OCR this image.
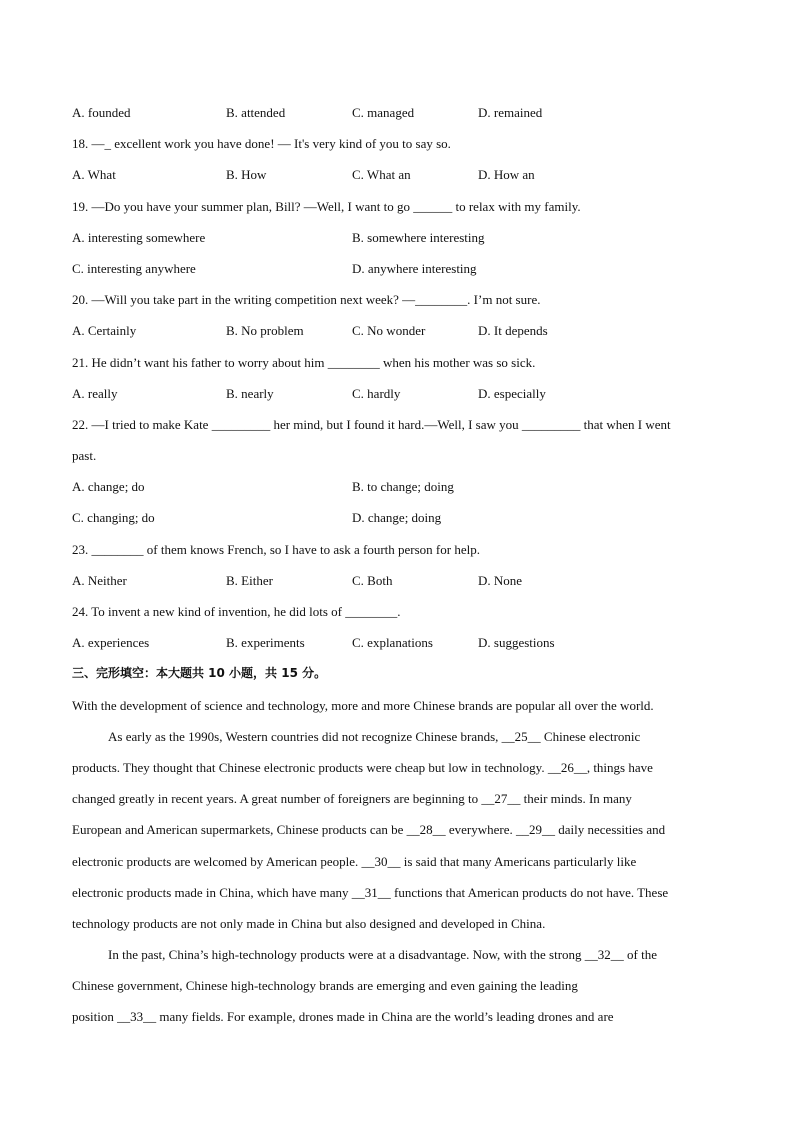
A. founded	B. attended	C. managed	D. remained
18. —_ excellent work you have done! — It's very kind of you to say so.
A. What	B. How	C. What an	D. How an
19. —Do you have your summer plan, Bill? —Well, I want to go ______ to relax with my family.
A. interesting somewhere	B. somewhere interesting
C. interesting anywhere	D. anywhere interesting
20. —Will you take part in the writing competition next week? —________. I’m not sure.
A. Certainly	B. No problem	C. No wonder	D. It depends
21. He didn’t want his father to worry about him ________ when his mother was so sick.
A. really	B. nearly	C. hardly	D. especially
22. —I tried to make Kate _________ her mind, but I found it hard.—Well, I saw you _________ that when I went
past.
A. change; do	B. to change; doing
C. changing; do	D. change; doing
23. ________ of them knows French, so I have to ask a fourth person for help.
A. Neither	B. Either	C. Both	D. None
24. To invent a new kind of invention, he did lots of ________.
A. experiences	B. experiments	C. explanations	D. suggestions
三、完形填空：本大题共 10 小题，共 15 分。
With the development of science and technology, more and more Chinese brands are popular all over the world.
As early as the 1990s, Western countries did not recognize Chinese brands, __25__ Chinese electronic
products. They thought that Chinese electronic products were cheap but low in technology. __26__, things have
changed greatly in recent years. A great number of foreigners are beginning to __27__ their minds. In many
European and American supermarkets, Chinese products can be __28__ everywhere. __29__ daily necessities and
electronic products are welcomed by American people. __30__ is said that many Americans particularly like
electronic products made in China, which have many __31__ functions that American products do not have. These
technology products are not only made in China but also designed and developed in China.
In the past, China’s high-technology products were at a disadvantage. Now, with the strong __32__ of the
Chinese government, Chinese high-technology brands are emerging and even gaining the leading
position __33__ many fields. For example, drones made in China are the world’s leading drones and are
